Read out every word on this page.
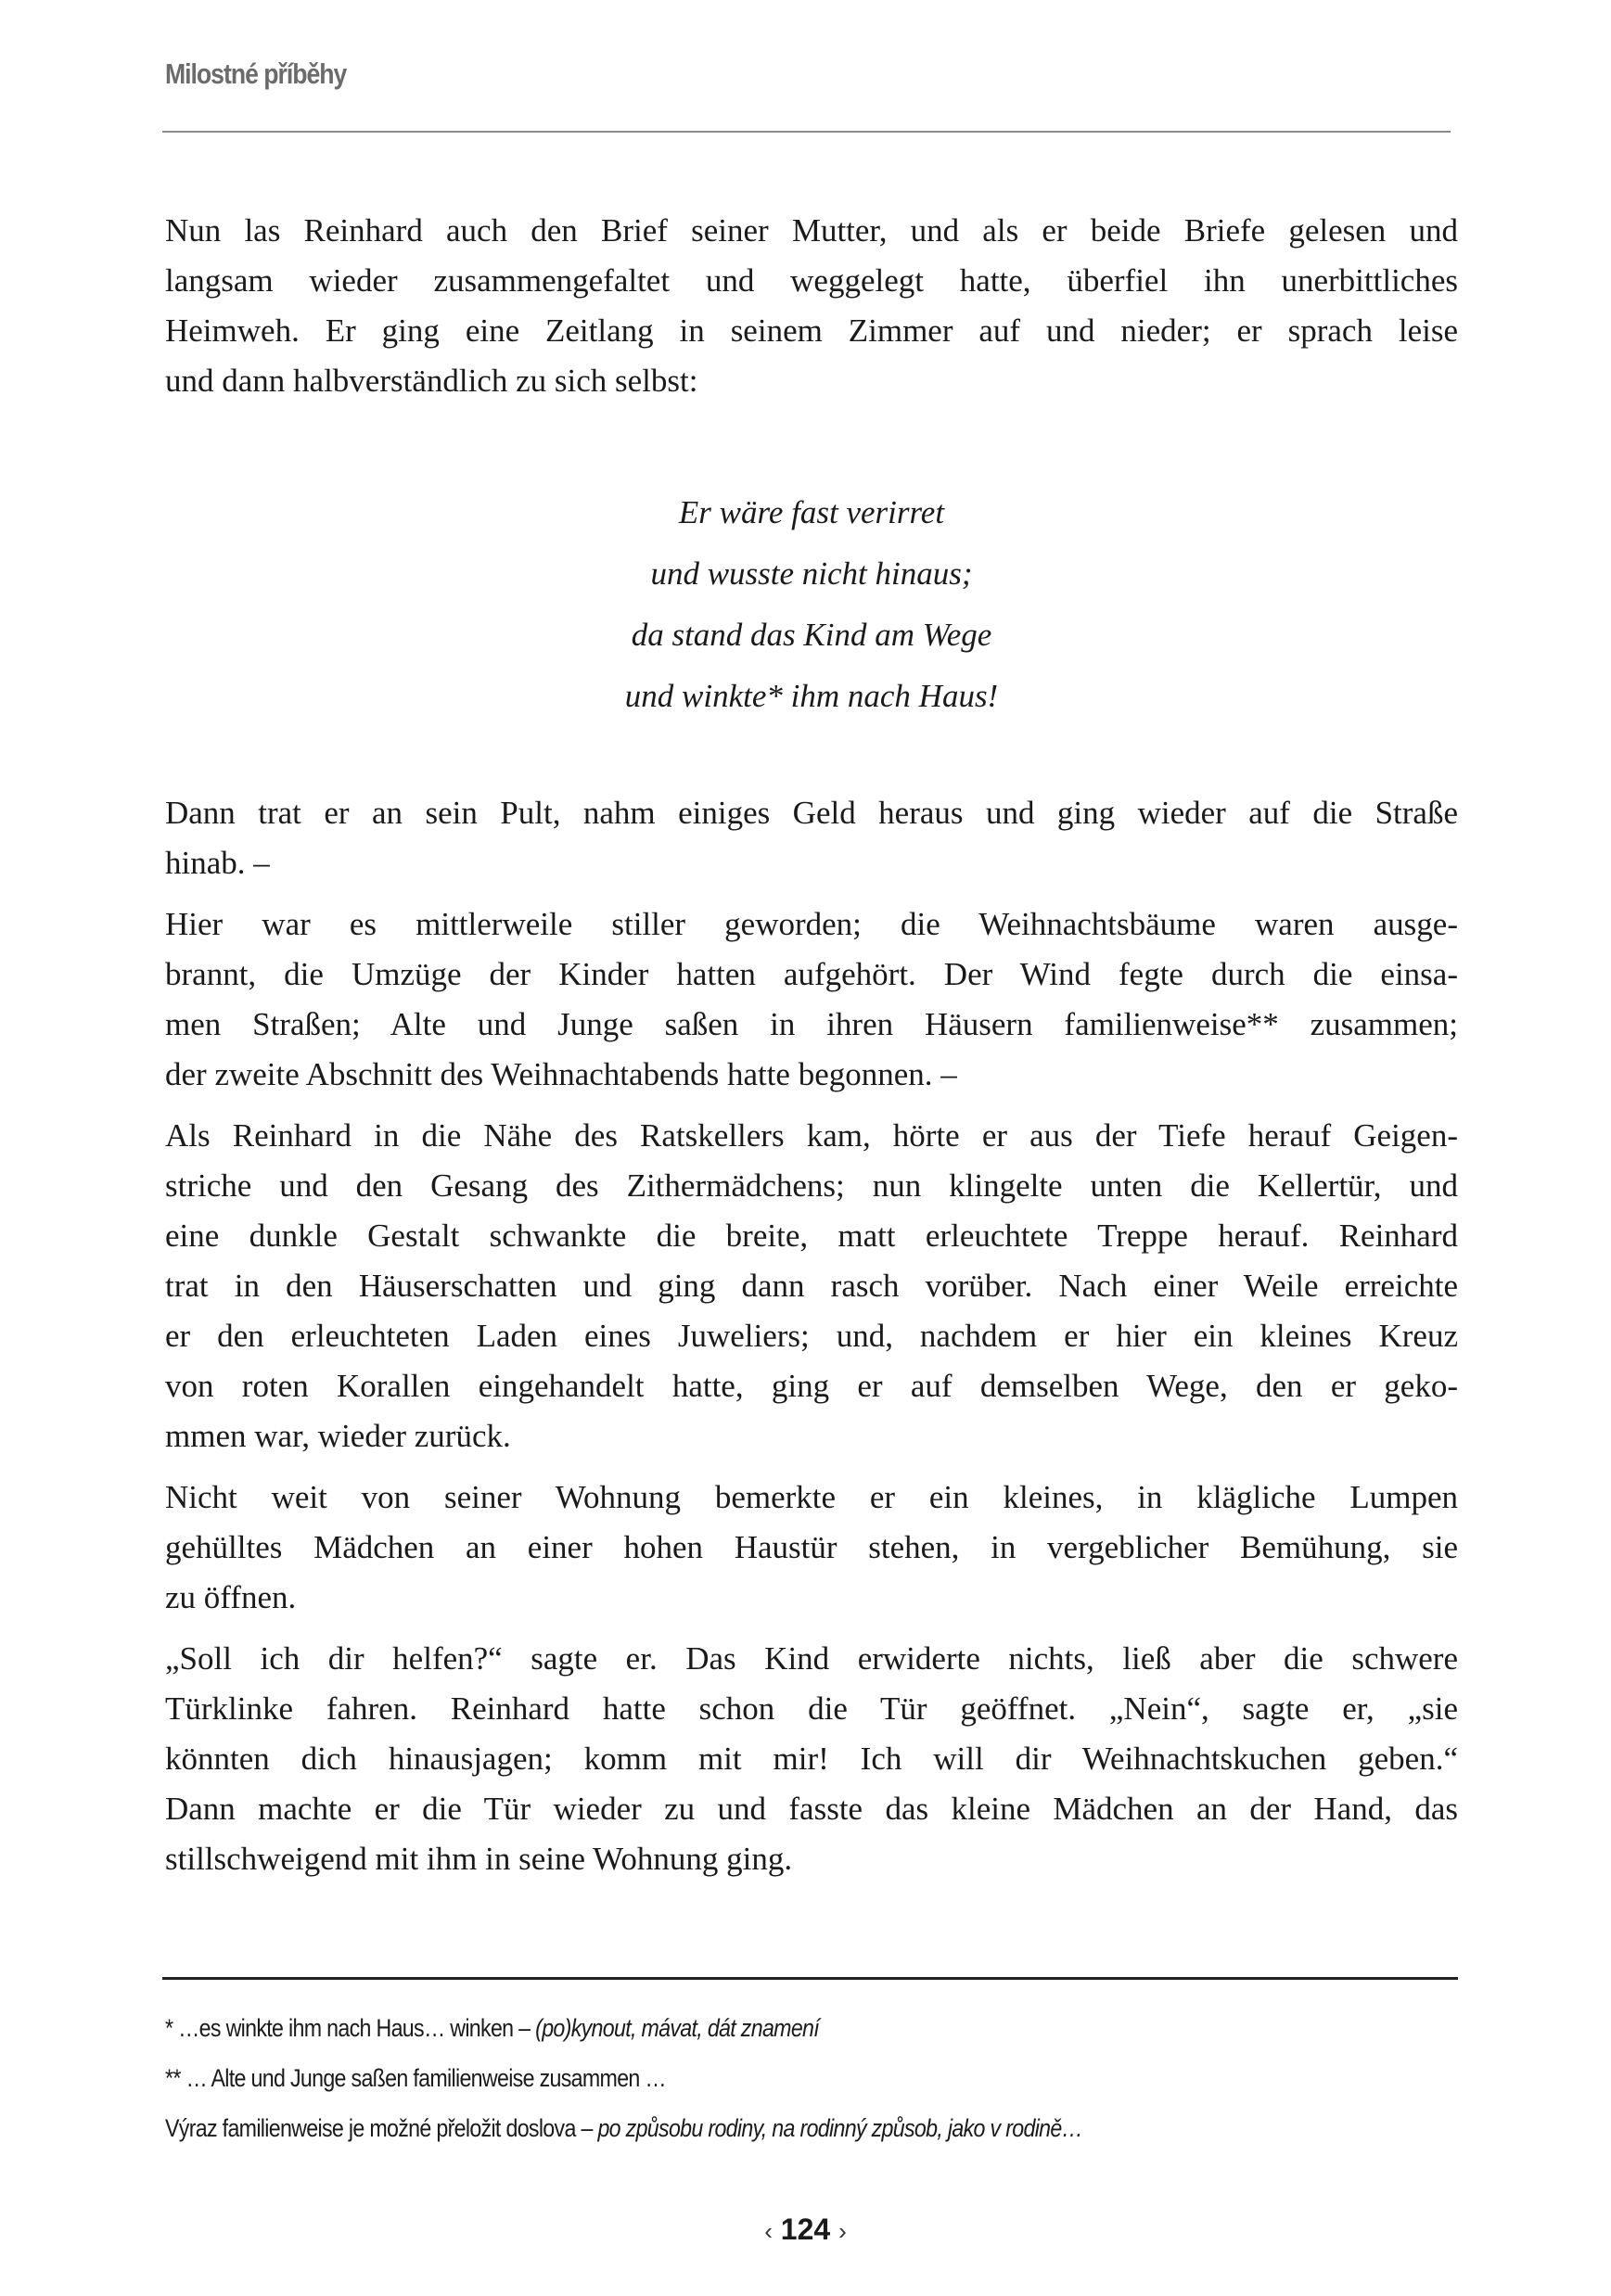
Milostné příběhy
Nun las Reinhard auch den Brief seiner Mutter, und als er beide Briefe gelesen und
langsam wieder zusammengefaltet und weggelegt hatte, überfiel ihn unerbittliches
Heimweh. Er ging eine Zeitlang in seinem Zimmer auf und nieder; er sprach leise
und dann halbverständlich zu sich selbst:
Er wäre fast verirret
und wusste nicht hinaus;
da stand das Kind am Wege
und winkte* ihm nach Haus!
Dann trat er an sein Pult, nahm einiges Geld heraus und ging wieder auf die Straße
hinab. –
Hier war es mittlerweile stiller geworden; die Weihnachtsbäume waren ausge-
brannt, die Umzüge der Kinder hatten aufgehört. Der Wind fegte durch die einsa-
men Straßen; Alte und Junge saßen in ihren Häusern familienweise** zusammen;
der zweite Abschnitt des Weihnachtabends hatte begonnen. –
Als Reinhard in die Nähe des Ratskellers kam, hörte er aus der Tiefe herauf Geigen-
striche und den Gesang des Zithermädchens; nun klingelte unten die Kellertür, und
eine dunkle Gestalt schwankte die breite, matt erleuchtete Treppe herauf. Reinhard
trat in den Häuserschatten und ging dann rasch vorüber. Nach einer Weile erreichte
er den erleuchteten Laden eines Juweliers; und, nachdem er hier ein kleines Kreuz
von roten Korallen eingehandelt hatte, ging er auf demselben Wege, den er geko-
mmen war, wieder zurück.
Nicht weit von seiner Wohnung bemerkte er ein kleines, in klägliche Lumpen
gehülltes Mädchen an einer hohen Haustür stehen, in vergeblicher Bemühung, sie
zu öffnen.
„Soll ich dir helfen?“ sagte er. Das Kind erwiderte nichts, ließ aber die schwere
Türklinke fahren. Reinhard hatte schon die Tür geöffnet. „Nein“, sagte er, „sie
könnten dich hinausjagen; komm mit mir! Ich will dir Weihnachtskuchen geben.“
Dann machte er die Tür wieder zu und fasste das kleine Mädchen an der Hand, das
stillschweigend mit ihm in seine Wohnung ging.
* …es winkte ihm nach Haus… winken – (po)kynout, mávat, dát znamení
** … Alte und Junge saßen familienweise zusammen …
Výraz familienweise je možné přeložit doslova – po způsobu rodiny, na rodinný způsob, jako v rodině…
‹ 124 ›
